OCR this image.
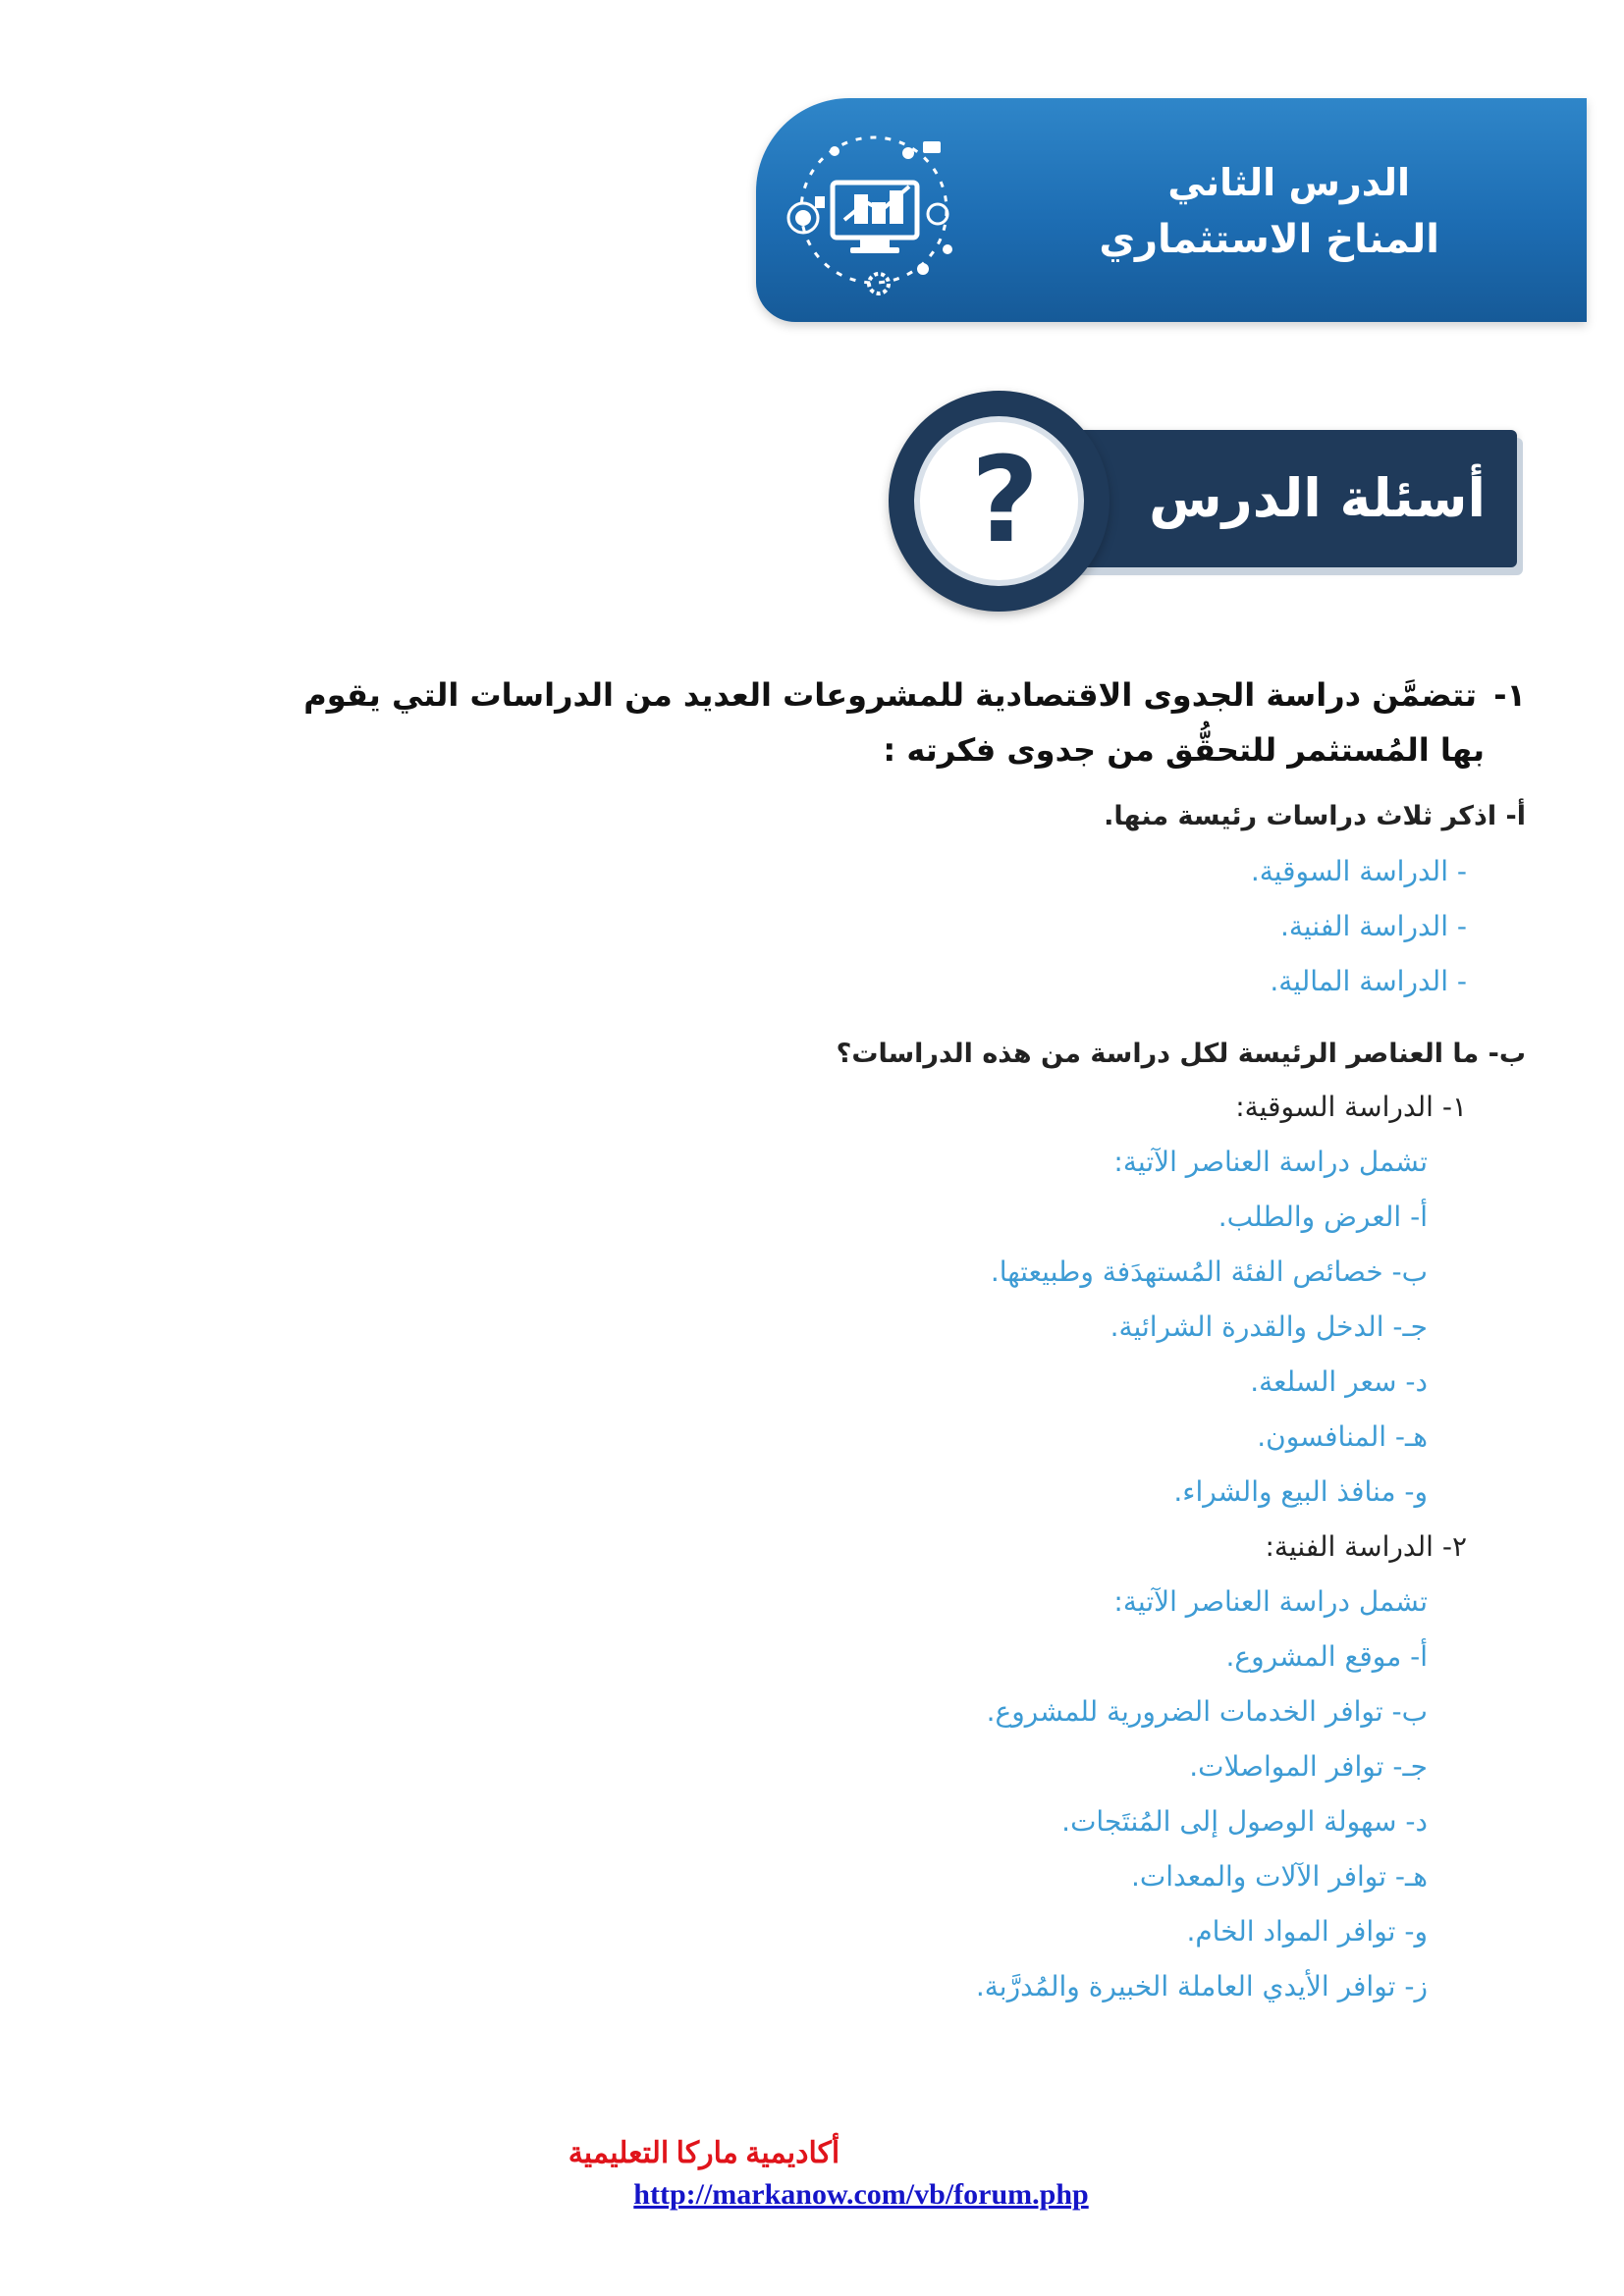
الدرس الثاني
المناخ الاستثماري
أسئلة الدرس
?

١- تتضمَّن دراسة الجدوى الاقتصادية للمشروعات العديد من الدراسات التي يقوم
بها المُستثمر للتحقُّق من جدوى فكرته :

أ- اذكر ثلاث دراسات رئيسة منها.

- الدراسة السوقية.
- الدراسة الفنية.
- الدراسة المالية.

ب- ما العناصر الرئيسة لكل دراسة من هذه الدراسات؟

١- الدراسة السوقية:

تشمل دراسة العناصر الآتية:

أ- العرض والطلب.
ب- خصائص الفئة المُستهدَفة وطبيعتها.
جـ- الدخل والقدرة الشرائية.
د- سعر السلعة.
هـ- المنافسون.
و- منافذ البيع والشراء.

٢- الدراسة الفنية:

تشمل دراسة العناصر الآتية:

أ- موقع المشروع.
ب- توافر الخدمات الضرورية للمشروع.
جـ- توافر المواصلات.
د- سهولة الوصول إلى المُنتَجات.
هـ- توافر الآلات والمعدات.
و- توافر المواد الخام.
ز- توافر الأيدي العاملة الخبيرة والمُدرَّبة.
أكاديمية ماركا التعليمية
http://markanow.com/vb/forum.php
